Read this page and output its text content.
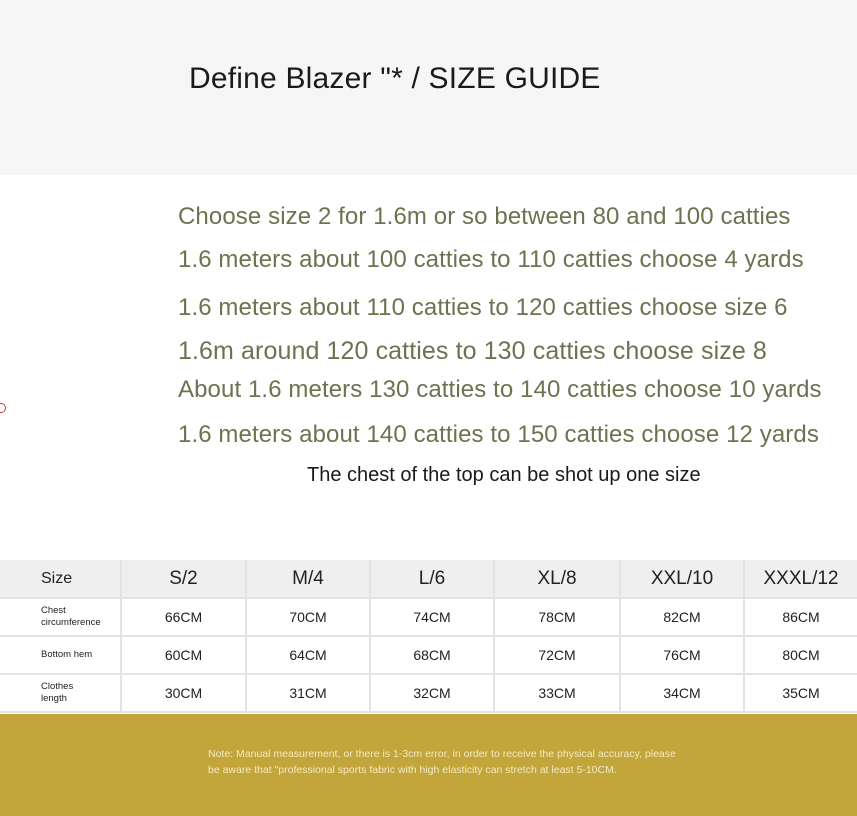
Define Blazer "* / SIZE GUIDE
Choose size 2 for 1.6m or so between 80 and 100 catties
1.6 meters about 100 catties to 110 catties choose 4 yards
1.6 meters about 110 catties to 120 catties choose size 6
1.6m around 120 catties to 130 catties choose size 8
About 1.6 meters 130 catties to 140 catties choose 10 yards
1.6 meters about 140 catties to 150 catties choose 12 yards
The chest of the top can be shot up one size
Size	S/2	M/4	L/6	XL/8	XXL/10	XXXL/12
Chest
circumference	66CM	70CM	74CM	78CM	82CM	86CM
Bottom hem	60CM	64CM	68CM	72CM	76CM	80CM
Clothes
length	30CM	31CM	32CM	33CM	34CM	35CM
Note: Manual measurement, or there is 1-3cm error, in order to receive the physical accuracy, please be aware that "professional sports fabric with high elasticity can stretch at least 5-10CM.
